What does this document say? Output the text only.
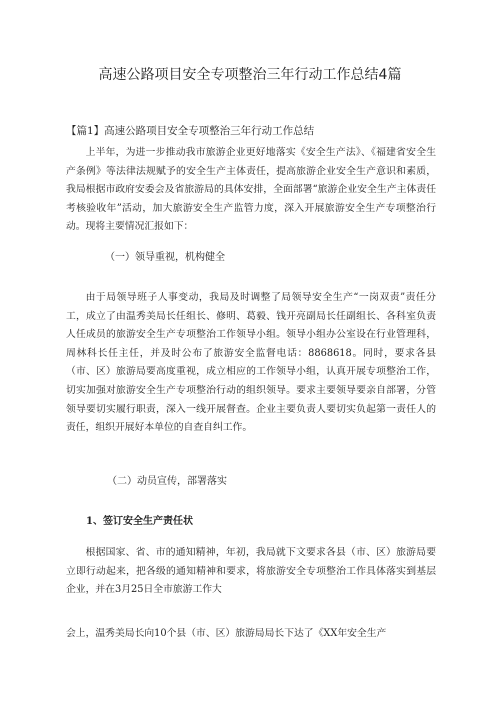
高速公路项目安全专项整治三年行动工作总结4篇
【篇1】高速公路项目安全专项整治三年行动工作总结
上半年，为进一步推动我市旅游企业更好地落实《安全生产法》、《福建省安全生产条例》等法律法规赋予的安全生产主体责任，提高旅游企业安全生产意识和素质，我局根据市政府安委会及省旅游局的具体安排，全面部署“旅游企业安全生产主体责任考核验收年”活动，加大旅游安全生产监管力度，深入开展旅游安全生产专项整治行动。现将主要情况汇报如下：
（一）领导重视，机构健全
由于局领导班子人事变动，我局及时调整了局领导安全生产“一岗双责”责任分工，成立了由温秀美局长任组长、修明、葛毅、钱开亮副局长任副组长、各科室负责人任成员的旅游安全生产专项整治工作领导小组。领导小组办公室设在行业管理科，周林科长任主任，并及时公布了旅游安全监督电话：8868618。同时，要求各县（市、区）旅游局要高度重视，成立相应的工作领导小组，认真开展专项整治工作，切实加强对旅游安全生产专项整治行动的组织领导。要求主要领导要亲自部署，分管领导要切实履行职责，深入一线开展督查。企业主要负责人要切实负起第一责任人的责任，组织开展好本单位的自查自纠工作。
（二）动员宣传，部署落实
1、签订安全生产责任状
根据国家、省、市的通知精神，年初，我局就下文要求各县（市、区）旅游局要立即行动起来，把各级的通知精神和要求，将旅游安全专项整治工作具体落实到基层企业，并在3月25日全市旅游工作大
会上，温秀美局长向10个县（市、区）旅游局局长下达了《XX年安全生产
